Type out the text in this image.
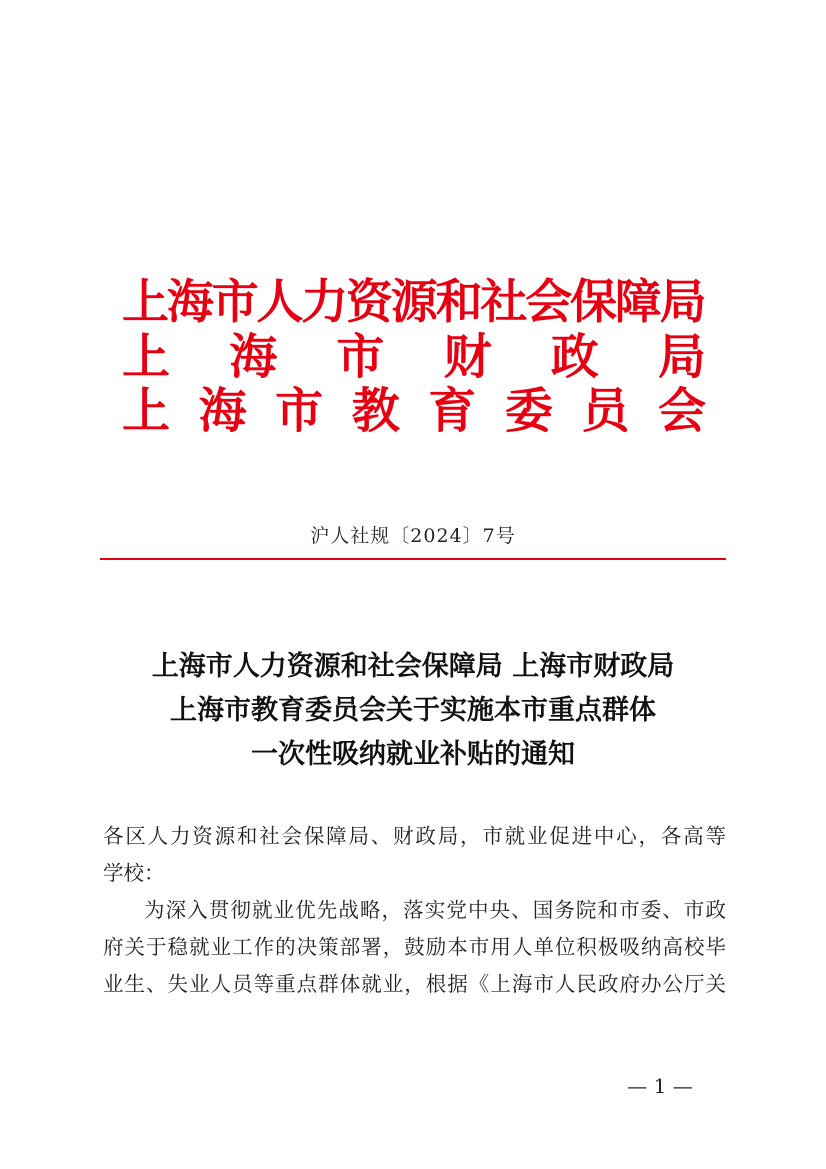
上海市人力资源和社会保障局
上 海 市 财 政 局
上 海 市 教 育 委 员 会
沪人社规〔2024〕7号
上海市人力资源和社会保障局 上海市财政局
上海市教育委员会关于实施本市重点群体
一次性吸纳就业补贴的通知
各区人力资源和社会保障局、财政局，市就业促进中心，各高等
学校：
为深入贯彻就业优先战略，落实党中央、国务院和市委、市政
府关于稳就业工作的决策部署，鼓励本市用人单位积极吸纳高校毕
业生、失业人员等重点群体就业，根据《上海市人民政府办公厅关
— 1 —
